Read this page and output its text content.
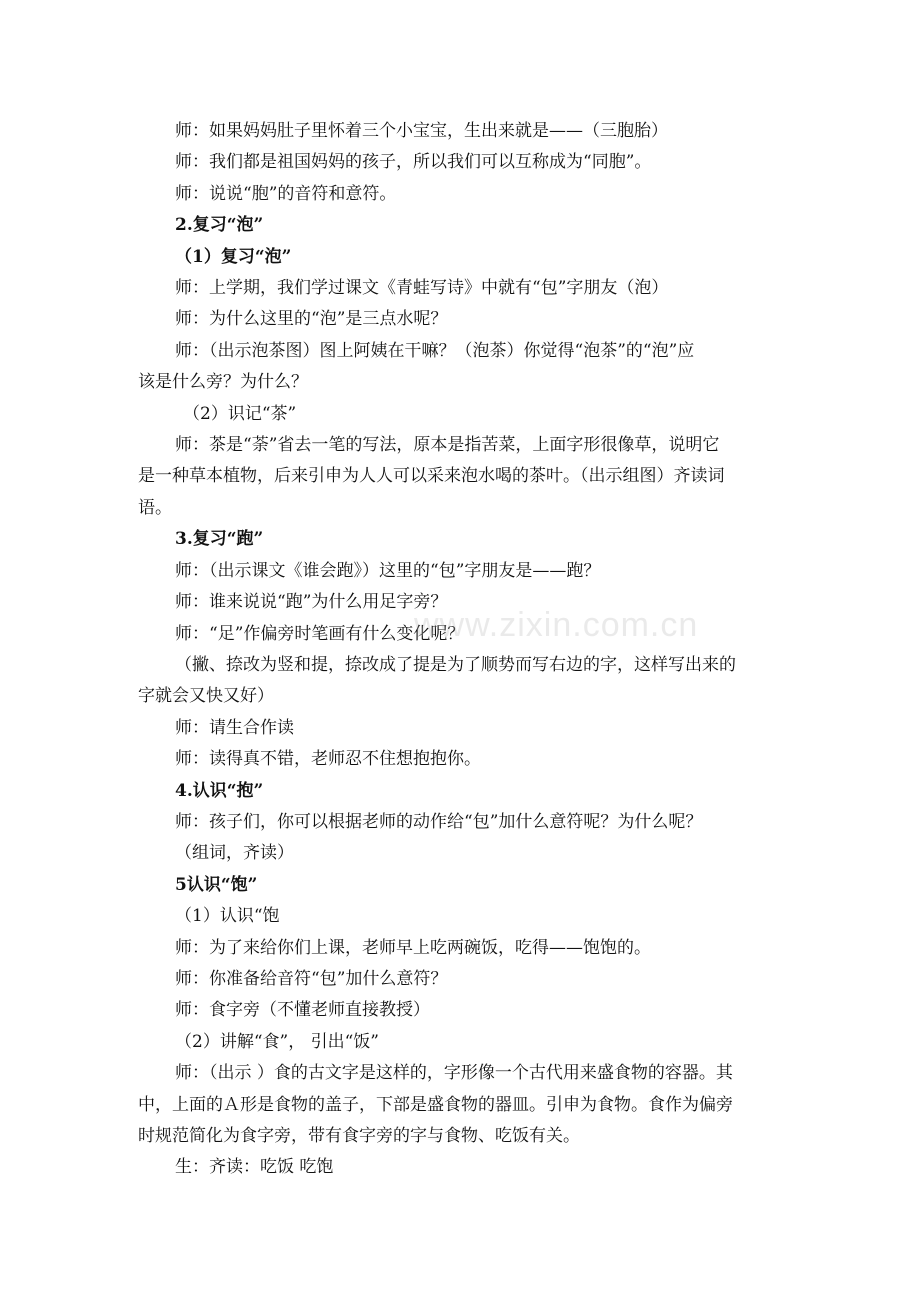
师：如果妈妈肚子里怀着三个小宝宝，生出来就是——（三胞胎）

师：我们都是祖国妈妈的孩子，所以我们可以互称成为“同胞”。

师：说说“胞”的音符和意符。

2.复习“泡”

（1）复习“泡”

师：上学期，我们学过课文《青蛙写诗》中就有“包”字朋友（泡）

师：为什么这里的“泡”是三点水呢？

师：（出示泡茶图）图上阿姨在干嘛？（泡茶）你觉得“泡茶”的“泡”应

该是什么旁？为什么？

（2）识记“茶”

师：茶是“荼”省去一笔的写法，原本是指苦菜，上面字形很像草，说明它

是一种草本植物，后来引申为人人可以采来泡水喝的茶叶。（出示组图）齐读词

语。

3.复习“跑”

师：（出示课文《谁会跑》）这里的“包”字朋友是——跑？

师：谁来说说“跑”为什么用足字旁？

师：“足”作偏旁时笔画有什么变化呢？

（撇、捺改为竖和提，捺改成了提是为了顺势而写右边的字，这样写出来的

字就会又快又好）

师：请生合作读

师：读得真不错，老师忍不住想抱抱你。

4.认识“抱”

师：孩子们，你可以根据老师的动作给“包”加什么意符呢？为什么呢？

（组词，齐读）

5认识“饱”

（1）认识“饱

师：为了来给你们上课，老师早上吃两碗饭，吃得——饱饱的。

师：你准备给音符“包”加什么意符？

师：食字旁（不懂老师直接教授）

（2）讲解“食”， 引出“饭”

师：（出示 ）食的古文字是这样的，字形像一个古代用来盛食物的容器。其

中，上面的Ａ形是食物的盖子，下部是盛食物的器皿。引申为食物。食作为偏旁

时规范简化为食字旁，带有食字旁的字与食物、吃饭有关。

生：齐读：吃饭 吃饱

www.zixin.com.cn
